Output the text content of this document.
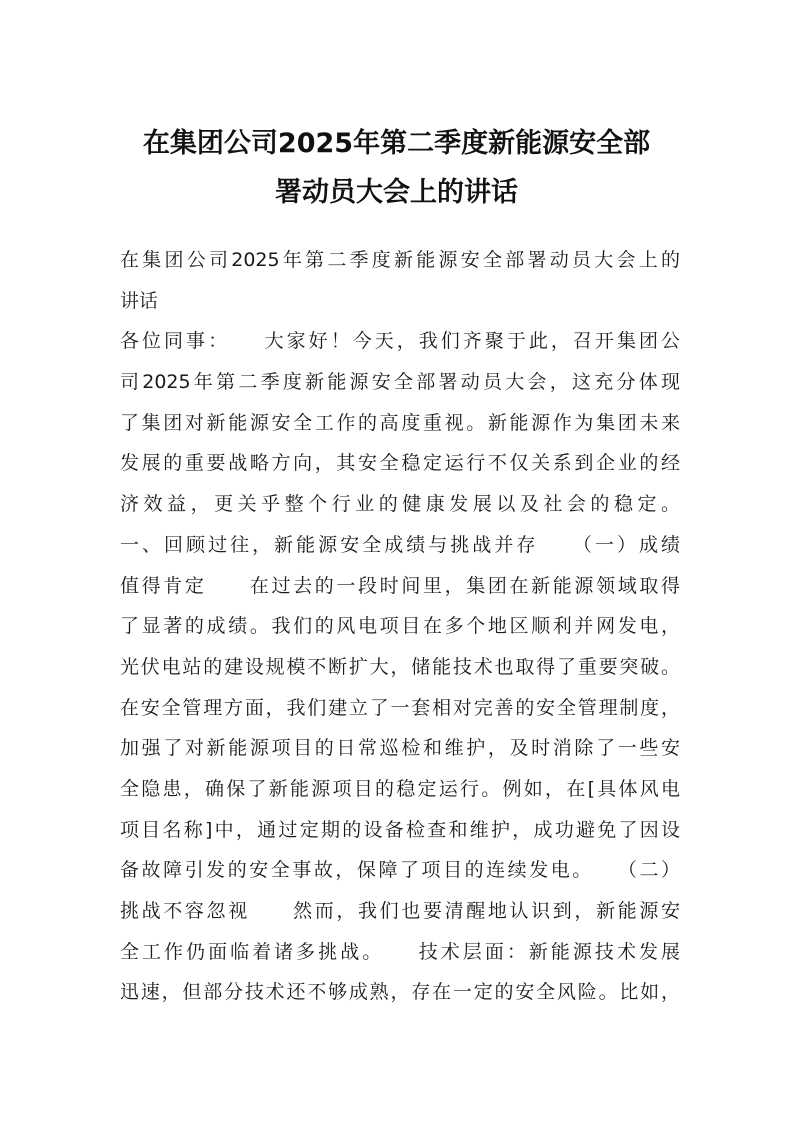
在集团公司2025年第二季度新能源安全部
署动员大会上的讲话
在集团公司2025年第二季度新能源安全部署动员大会上的
讲话
各位同事：　　大家好！今天，我们齐聚于此，召开集团公
司2025年第二季度新能源安全部署动员大会，这充分体现
了集团对新能源安全工作的高度重视。新能源作为集团未来
发展的重要战略方向，其安全稳定运行不仅关系到企业的经
济效益，更关乎整个行业的健康发展以及社会的稳定。
一、回顾过往，新能源安全成绩与挑战并存　　（一）成绩
值得肯定　　在过去的一段时间里，集团在新能源领域取得
了显著的成绩。我们的风电项目在多个地区顺利并网发电，
光伏电站的建设规模不断扩大，储能技术也取得了重要突破。
在安全管理方面，我们建立了一套相对完善的安全管理制度，
加强了对新能源项目的日常巡检和维护，及时消除了一些安
全隐患，确保了新能源项目的稳定运行。例如，在[具体风电
项目名称]中，通过定期的设备检查和维护，成功避免了因设
备故障引发的安全事故，保障了项目的连续发电。　　（二）
挑战不容忽视　　然而，我们也要清醒地认识到，新能源安
全工作仍面临着诸多挑战。　　技术层面：新能源技术发展
迅速，但部分技术还不够成熟，存在一定的安全风险。比如，
